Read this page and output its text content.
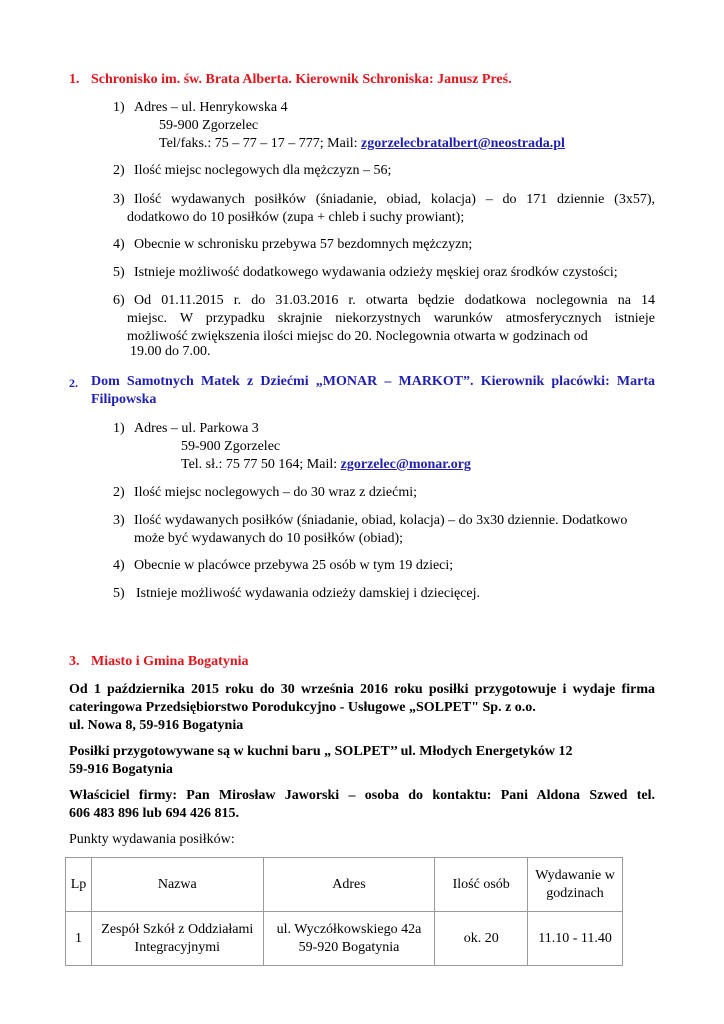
1. Schronisko im. św. Brata Alberta. Kierownik Schroniska: Janusz Preś.
1) Adres – ul. Henrykowska 4
59-900 Zgorzelec
Tel/faks.: 75 – 77 – 17 – 777; Mail: zgorzelecbratalbert@neostrada.pl
2) Ilość miejsc noclegowych dla mężczyzn – 56;
3) Ilość wydawanych posiłków (śniadanie, obiad, kolacja) – do 171 dziennie (3x57),
dodatkowo do 10 posiłków (zupa + chleb i suchy prowiant);
4) Obecnie w schronisku przebywa 57 bezdomnych mężczyzn;
5) Istnieje możliwość dodatkowego wydawania odzieży męskiej oraz środków czystości;
6) Od 01.11.2015 r. do 31.03.2016 r. otwarta będzie dodatkowa noclegownia na 14
miejsc. W przypadku skrajnie niekorzystnych warunków atmosferycznych istnieje
możliwość zwiększenia ilości miejsc do 20. Noclegownia otwarta w godzinach od
19.00 do 7.00.
2. Dom Samotnych Matek z Dziećmi „MONAR – MARKOT”. Kierownik placówki: Marta
Filipowska
1) Adres – ul. Parkowa 3
59-900 Zgorzelec
Tel. sł.: 75 77 50 164; Mail: zgorzelec@monar.org
2) Ilość miejsc noclegowych – do 30 wraz z dziećmi;
3) Ilość wydawanych posiłków (śniadanie, obiad, kolacja) – do 3x30 dziennie. Dodatkowo
może być wydawanych do 10 posiłków (obiad);
4) Obecnie w placówce przebywa 25 osób w tym 19 dzieci;
5) Istnieje możliwość wydawania odzieży damskiej i dziecięcej.
3. Miasto i Gmina Bogatynia
Od 1 października 2015 roku do 30 września 2016 roku posiłki przygotowuje i wydaje firma
cateringowa Przedsiębiorstwo Porodukcyjno - Usługowe „SOLPET" Sp. z o.o.
ul. Nowa 8, 59-916 Bogatynia
Posiłki przygotowywane są w kuchni baru „ SOLPET’’ ul. Młodych Energetyków 12
59-916 Bogatynia
Właściciel firmy: Pan Mirosław Jaworski – osoba do kontaktu: Pani Aldona Szwed tel.
606 483 896 lub 694 426 815.
Punkty wydawania posiłków:
Lp	Nazwa	Adres	Ilość osób	Wydawanie w godzinach
1	Zespół Szkół z Oddziałami Integracyjnymi	ul. Wyczółkowskiego 42a 59-920 Bogatynia	ok. 20	11.10 - 11.40
